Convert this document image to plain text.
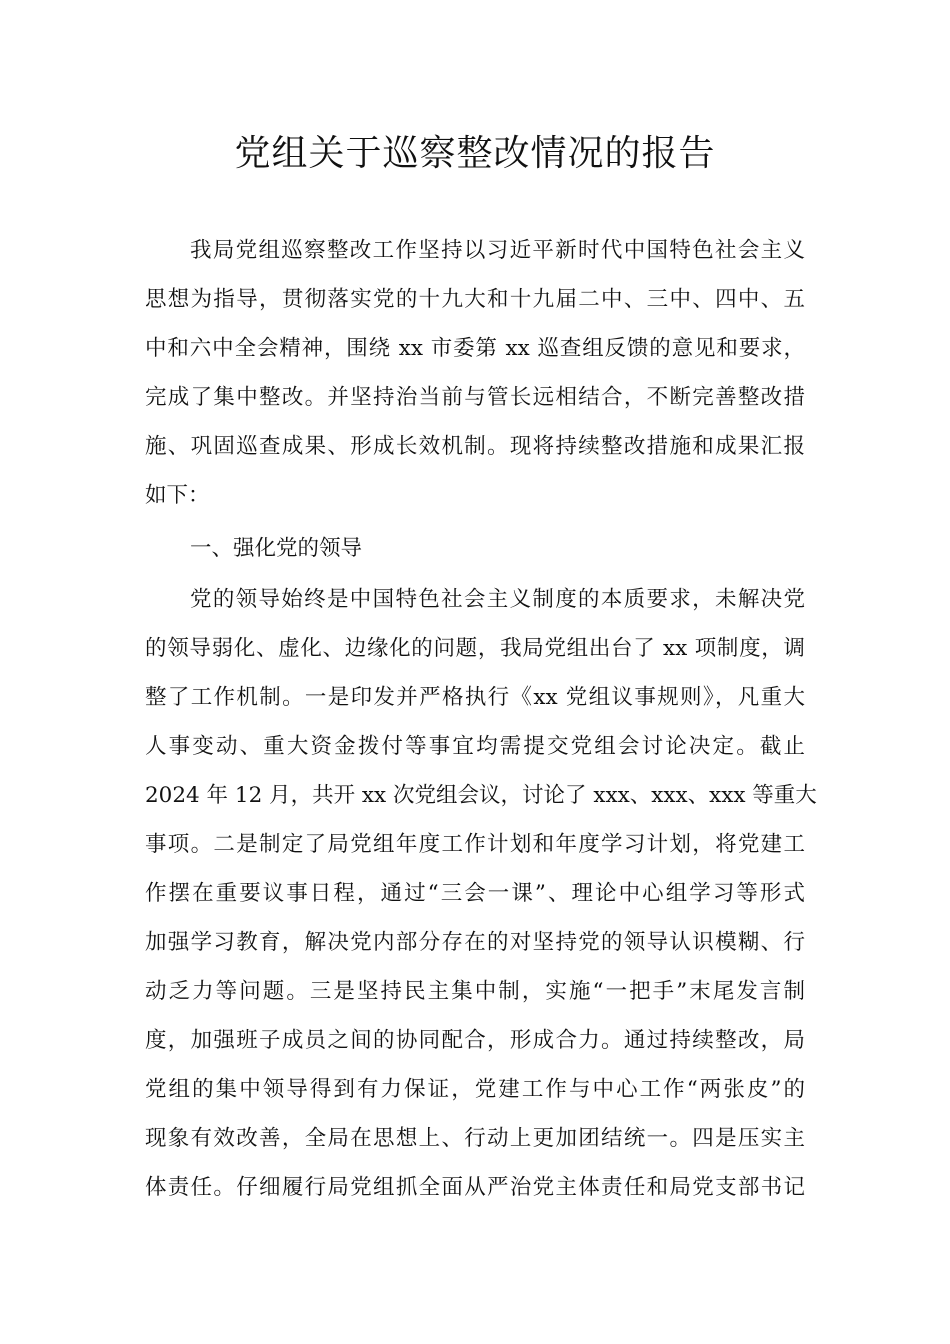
党组关于巡察整改情况的报告
我局党组巡察整改工作坚持以习近平新时代中国特色社会主义
思想为指导，贯彻落实党的十九大和十九届二中、三中、四中、五
中和六中全会精神，围绕 xx 市委第 xx 巡查组反馈的意见和要求，
完成了集中整改。并坚持治当前与管长远相结合，不断完善整改措
施、巩固巡查成果、形成长效机制。现将持续整改措施和成果汇报
如下：
一、强化党的领导
党的领导始终是中国特色社会主义制度的本质要求，未解决党
的领导弱化、虚化、边缘化的问题，我局党组出台了 xx 项制度，调
整了工作机制。一是印发并严格执行《xx 党组议事规则》，凡重大
人事变动、重大资金拨付等事宜均需提交党组会讨论决定。截止
2024 年 12 月，共开 xx 次党组会议，讨论了 xxx、xxx、xxx 等重大
事项。二是制定了局党组年度工作计划和年度学习计划，将党建工
作摆在重要议事日程，通过“三会一课”、理论中心组学习等形式
加强学习教育，解决党内部分存在的对坚持党的领导认识模糊、行
动乏力等问题。三是坚持民主集中制，实施“一把手”末尾发言制
度，加强班子成员之间的协同配合，形成合力。通过持续整改，局
党组的集中领导得到有力保证，党建工作与中心工作“两张皮”的
现象有效改善，全局在思想上、行动上更加团结统一。四是压实主
体责任。仔细履行局党组抓全面从严治党主体责任和局党支部书记
